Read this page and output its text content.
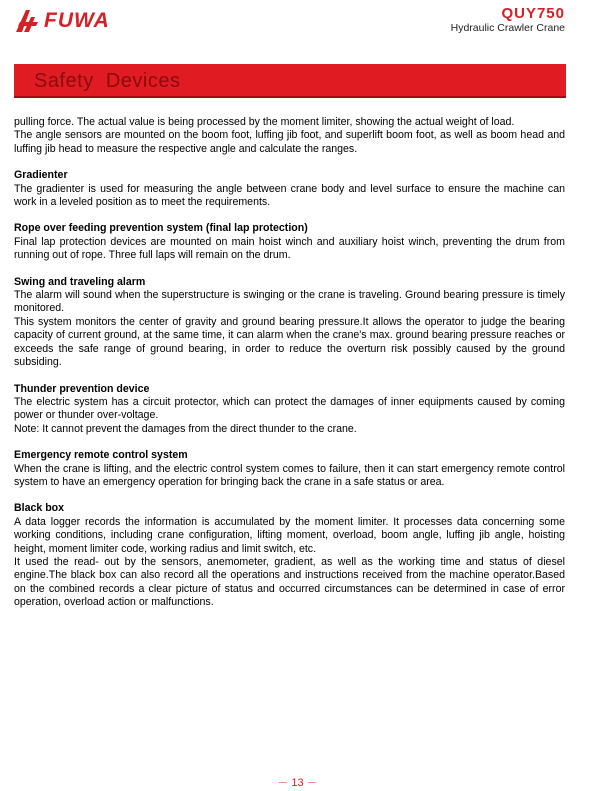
FUWA	QUY750
Hydraulic Crawler Crane
Safety  Devices

pulling force. The actual value is being processed by the moment limiter, showing the actual weight of load.

The angle sensors are mounted on the boom foot, luffing jib foot, and superlift boom foot, as well as boom head and luffing jib head to measure the respective angle and calculate the ranges.

Gradienter

The gradienter is used for measuring the angle between crane body and level surface to ensure the machine can work in a leveled position as to meet the requirements.

Rope over feeding prevention system (final lap protection)

Final lap protection devices are mounted on main hoist winch and auxiliary hoist winch, preventing the drum from running out of rope. Three full laps will remain on the drum.

Swing and traveling alarm

The alarm will sound when the superstructure is swinging or the crane is traveling. Ground bearing pressure is timely monitored.

This system monitors the center of gravity and ground bearing pressure.It allows the operator to judge the bearing capacity of current ground, at the same time, it can alarm when the crane's max. ground bearing pressure reaches or exceeds the safe range of ground bearing, in order to reduce the overturn risk possibly caused by the ground subsiding.

Thunder prevention device

The electric system has a circuit protector, which can protect the damages of inner equipments caused by coming power or thunder over-voltage.

Note: It cannot prevent the damages from the direct thunder to the crane.

Emergency remote control system

When the crane is lifting, and the electric control system comes to failure, then it can start emergency remote control system to have an emergency operation for bringing back the crane in a safe status or area.

Black box

A data logger records the information is accumulated by the moment limiter. It processes data concerning some working conditions, including crane configuration, lifting moment, overload, boom angle, luffing jib angle, hoisting height, moment limiter code, working radius and limit switch, etc.

It used the read- out by the sensors, anemometer, gradient, as well as the working time and status of diesel engine.The black box can also record all the operations and instructions received from the machine operator.Based on the combined records a clear picture of status and occurred circumstances can be determined in case of error operation, overload action or malfunctions.

－ 13 －
